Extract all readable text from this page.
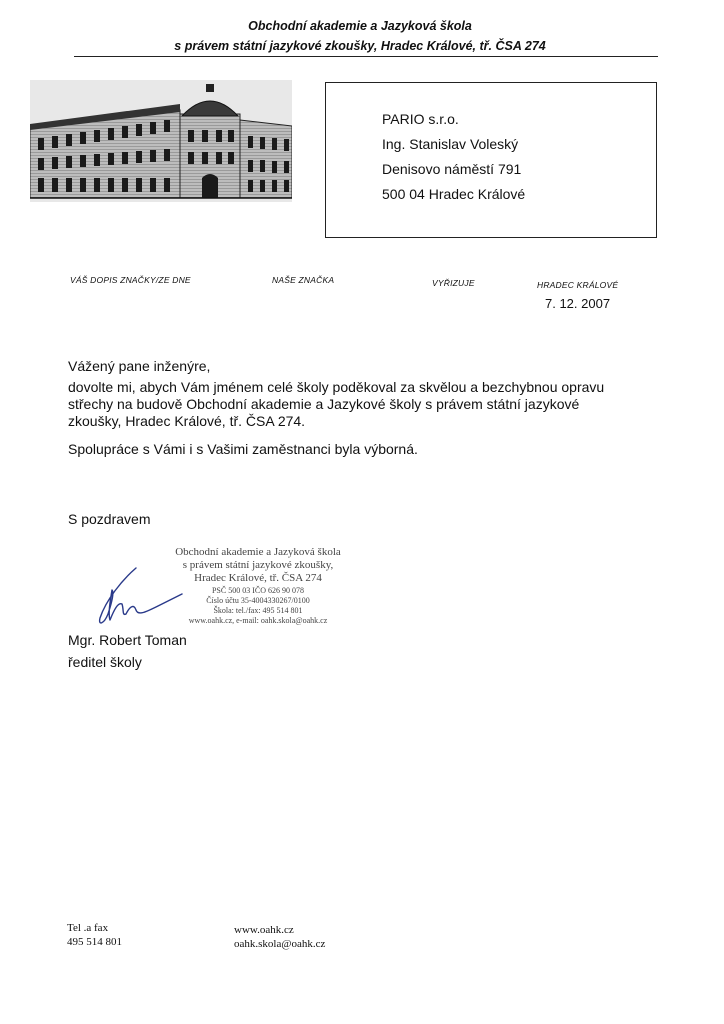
Obchodní akademie a Jazyková škola
s právem státní jazykové zkoušky, Hradec Králové, tř. ČSA 274
PARIO s.r.o.
Ing. Stanislav Voleský
Denisovo náměstí 791
500 04 Hradec Králové
VÁŠ DOPIS ZNAČKY/ZE DNE	NAŠE ZNAČKA	VYŘIZUJE	HRADEC KRÁLOVÉ
7. 12. 2007
Vážený pane inženýre,
dovolte mi, abych Vám jménem celé školy poděkoval za skvělou a bezchybnou opravu
střechy na budově Obchodní akademie a Jazykové školy s právem státní jazykové
zkoušky, Hradec Králové, tř. ČSA 274.
Spolupráce s Vámi i s Vašimi zaměstnanci byla výborná.
S pozdravem
Obchodní akademie a Jazyková škola
s právem státní jazykové zkoušky,
Hradec Králové, tř. ČSA 274
PSČ 500 03 IČO 626 90 078
Číslo účtu 35-4004330267/0100
Škola: tel./fax: 495 514 801
www.oahk.cz, e-mail: oahk.skola@oahk.cz
Mgr. Robert Toman
ředitel školy
Tel .a fax
495 514 801
www.oahk.cz
oahk.skola@oahk.cz
